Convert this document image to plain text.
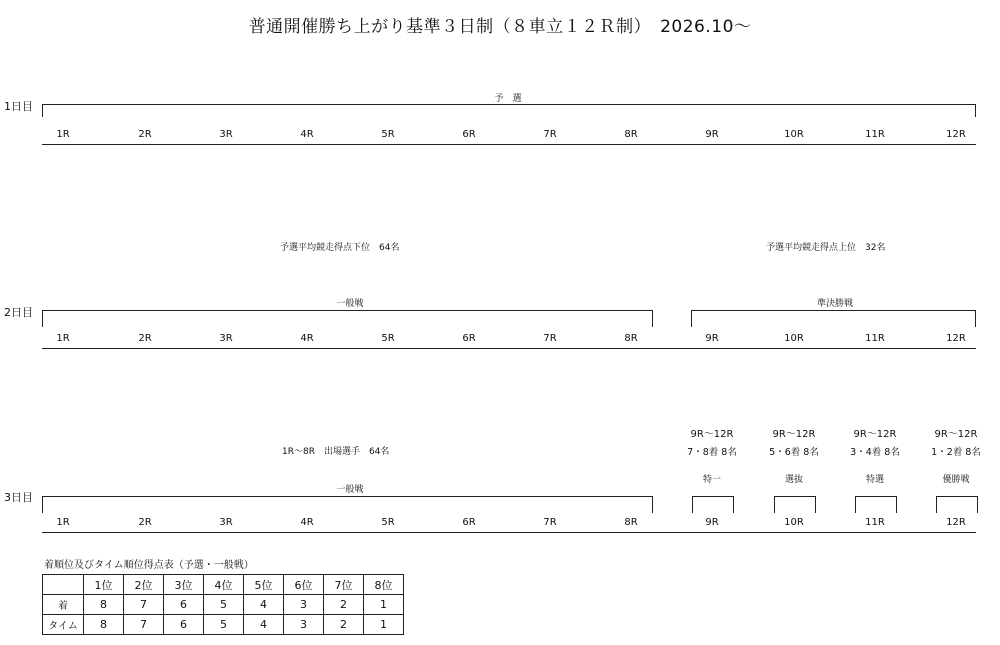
普通開催勝ち上がり基準３日制（８車立１２Ｒ制）　2026.10～
1日目
予　選
1R	2R	3R	4R	5R	6R	7R	8R	9R	10R	11R	12R
予選平均競走得点下位　64名	予選平均競走得点上位　32名
一般戦	準決勝戦
2日目
1R	2R	3R	4R	5R	6R	7R	8R	9R	10R	11R	12R
1R～8R　出場選手　64名
一般戦
3日目
1R	2R	3R	4R	5R	6R	7R	8R	9R	10R	11R	12R
9R～12R
7・8着 8名
特一
9R～12R
5・6着 8名
選抜
9R～12R
3・4着 8名
特選
9R～12R
1・2着 8名
優勝戦
着順位及びタイム順位得点表（予選・一般戦）
	1位	2位	3位	4位	5位	6位	7位	8位
着	8	7	6	5	4	3	2	1
タイム	8	7	6	5	4	3	2	1
